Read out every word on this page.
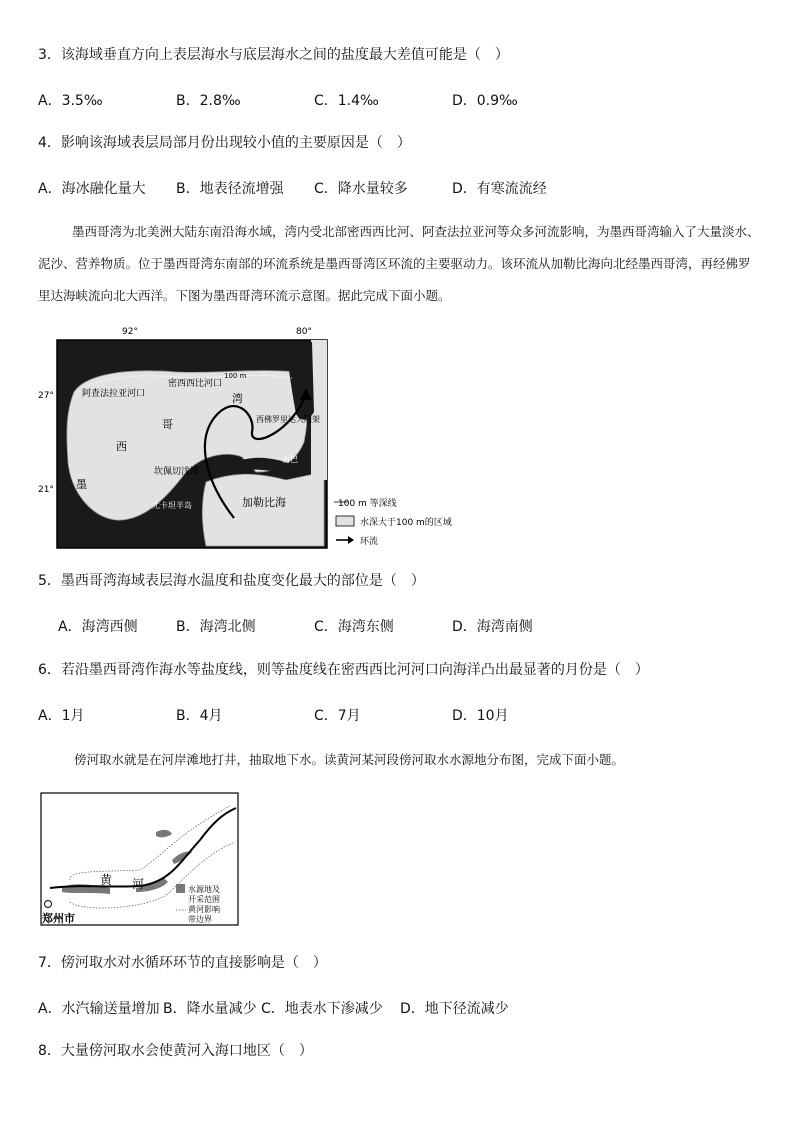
3．该海域垂直方向上表层海水与底层海水之间的盐度最大差值可能是（　）
A．3.5‰	B．2.8‰	C．1.4‰	D．0.9‰
4．影响该海域表层局部月份出现较小值的主要原因是（　）
A．海冰融化量大 B．地表径流增强 C．降水量较多	D．有寒流流经
墨西哥湾为北美洲大陆东南沿海水域，湾内受北部密西西比河、阿查法拉亚河等众多河流影响，为墨西哥湾输入了大量淡水、泥沙、营养物质。位于墨西哥湾东南部的环流系统是墨西哥湾区环流的主要驱动力。该环流从加勒比海向北经墨西哥湾，再经佛罗里达海峡流向北大西洋。下图为墨西哥湾环流示意图。据此完成下面小题。
92°	80°
27°
21°
阿查法拉亚河口
密西西比河口
100 m
湾
西
哥
墨
西佛罗里达大陆架
坎佩切浅滩
古巴
尤卡坦半岛	加勒比海	100 m 等深线
水深大于100 m的区域
环流
5．墨西哥湾海域表层海水温度和盐度变化最大的部位是（　）
A．海湾西侧	B．海湾北侧	C．海湾东侧	D．海湾南侧
6．若沿墨西哥湾作海水等盐度线，则等盐度线在密西西比河河口向海洋凸出最显著的月份是（　）
A．1月	B．4月	C．7月	D．10月
傍河取水就是在河岸滩地打井，抽取地下水。读黄河某河段傍河取水水源地分布图，完成下面小题。
郑州市
黄 河	水源地及
开采范围
黄河影响
带边界
7．傍河取水对水循环环节的直接影响是（　）
A．水汽输送量增加 B．降水量减少 C．地表水下渗减少 D．地下径流减少
8．大量傍河取水会使黄河入海口地区（　）
